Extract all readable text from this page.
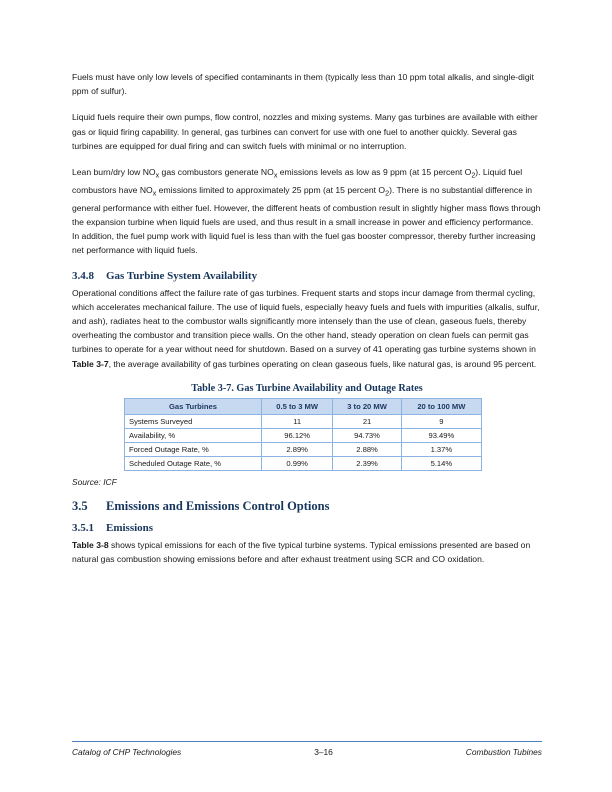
Fuels must have only low levels of specified contaminants in them (typically less than 10 ppm total alkalis, and single-digit ppm of sulfur).

Liquid fuels require their own pumps, flow control, nozzles and mixing systems. Many gas turbines are available with either gas or liquid firing capability. In general, gas turbines can convert for use with one fuel to another quickly. Several gas turbines are equipped for dual firing and can switch fuels with minimal or no interruption.

Lean burn/dry low $NO_x$ gas combustors generate $NO_x$ emissions levels as low as 9 ppm (at 15 percent $O_2$). Liquid fuel combustors have $NO_x$ emissions limited to approximately 25 ppm (at 15 percent $O_2$). There is no substantial difference in general performance with either fuel. However, the different heats of combustion result in slightly higher mass flows through the expansion turbine when liquid fuels are used, and thus result in a small increase in power and efficiency performance. In addition, the fuel pump work with liquid fuel is less than with the fuel gas booster compressor, thereby further increasing net performance with liquid fuels.

3.4.8 Gas Turbine System Availability

Operational conditions affect the failure rate of gas turbines. Frequent starts and stops incur damage from thermal cycling, which accelerates mechanical failure. The use of liquid fuels, especially heavy fuels and fuels with impurities (alkalis, sulfur, and ash), radiates heat to the combustor walls significantly more intensely than the use of clean, gaseous fuels, thereby overheating the combustor and transition piece walls. On the other hand, steady operation on clean fuels can permit gas turbines to operate for a year without need for shutdown. Based on a survey of 41 operating gas turbine systems shown in Table 3-7, the average availability of gas turbines operating on clean gaseous fuels, like natural gas, is around 95 percent.

Table 3-7. Gas Turbine Availability and Outage Rates
Gas Turbines	0.5 to 3 MW	3 to 20 MW	20 to 100 MW
Systems Surveyed	11	21	9
Availability, %	96.12%	94.73%	93.49%
Forced Outage Rate, %	2.89%	2.88%	1.37%
Scheduled Outage Rate, %	0.99%	2.39%	5.14%
Source: ICF
3.5 Emissions and Emissions Control Options
3.5.1 Emissions

Table 3-8 shows typical emissions for each of the five typical turbine systems. Typical emissions presented are based on natural gas combustion showing emissions before and after exhaust treatment using SCR and CO oxidation.

Catalog of CHP Technologies	3–16	Combustion Tubines
